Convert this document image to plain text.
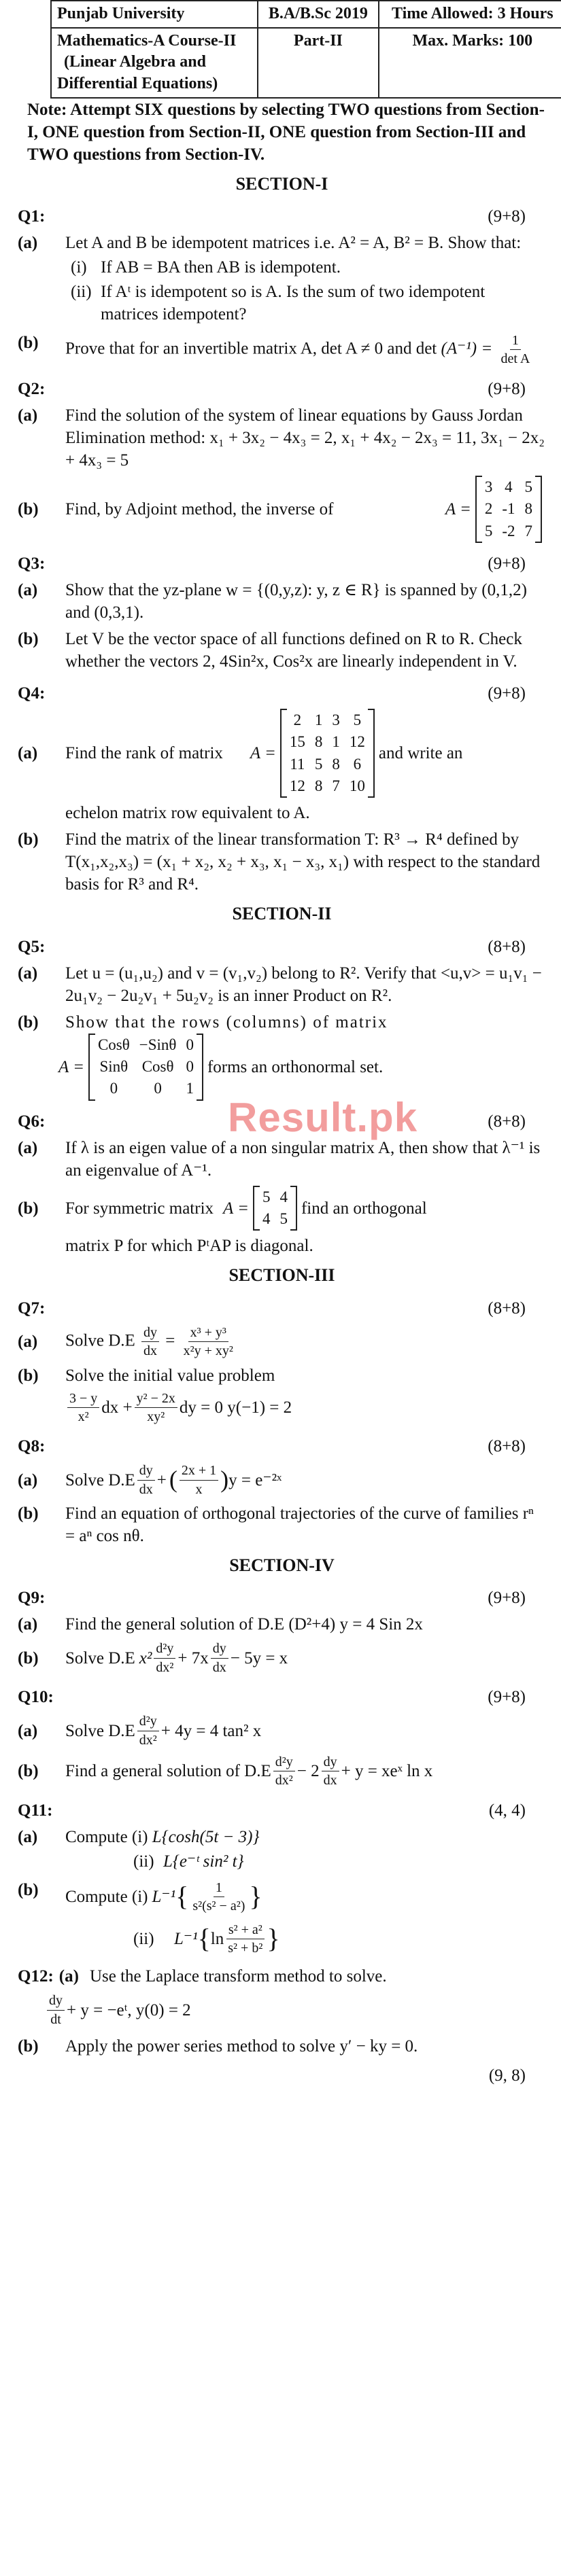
Punjab University	B.A/B.Sc 2019	Time Allowed: 3 Hours

Mathematics-A Course-II
(Linear Algebra and
Differential Equations)	Part-II	Max. Marks: 100

Note: Attempt SIX questions by selecting TWO questions from Section-I, ONE question from Section-II, ONE question from Section-III and TWO questions from Section-IV.

SECTION-I
Q1:	(9+8)
(a)	Let A and B be idempotent matrices i.e. A² = A, B² = B. Show that:
(i) If AB = BA then AB is idempotent.
(ii) If Aᵗ is idempotent so is A. Is the sum of two idempotent matrices idempotent?
(b)	Prove that for an invertible matrix A, det A ≠ 0 and $\det (A^{-1}) = \frac{1}{\text{det A}}$
Q2:	(9+8)
(a)	Find the solution of the system of linear equations by Gauss Jordan Elimination method: x₁ + 3x₂ − 4x₃ = 2, x₁ + 4x₂ − 2x₃ = 11, 3x₁ − 2x₂ + 4x₃ = 5
(b)	Find, by Adjoint method, the inverse of	A =
3 4 5
2 -1 8
5 -2 7
Q3:	(9+8)
(a)	Show that the yz-plane w = {(0,y,z): y, z ∈ R} is spanned by (0,1,2) and (0,3,1).
(b)	Let V be the vector space of all functions defined on R to R. Check whether the vectors 2, 4Sin²x, Cos²x are linearly independent in V.
Q4:	(9+8)
(a)	Find the rank of matrix A =
2 1 3 5
15 8 1 12
11 5 8 6
12 8 7 10
and write an
echelon matrix row equivalent to A.
(b)	Find the matrix of the linear transformation T: R³ → R⁴ defined by T(x₁,x₂,x₃) = (x₁ + x₂, x₂ + x₃, x₁ − x₃, x₁) with respect to the standard basis for R³ and R⁴.
SECTION-II
Q5:	(8+8)
(a)	Let u = (u₁,u₂) and v = (v₁,v₂) belong to R². Verify that <u,v> = u₁v₁ − 2u₁v₂ − 2u₂v₁ + 5u₂v₂ is an inner Product on R².
(b)	Show that the rows (columns) of matrix
A =
Cosθ −Sinθ 0
Sinθ Cosθ 0
0	0	1
forms an orthonormal set.
Q6:	(8+8)
(a)	If λ is an eigen value of a non singular matrix A, then show that λ⁻¹ is an eigenvalue of A⁻¹.
(b)	For symmetric matrix A =
5 4
4 5
find an orthogonal
matrix P for which PᵗAP is diagonal.
SECTION-III
Q7:	(8+8)
(a)	Solve $D.E \frac{dy}{dx} = \frac{\text{x³ + y³}}{\text{x²y + xy²}}$
(b)	Solve the initial value problem
$\frac{3 - y}{\text{x²}}$ dx + $\frac{\text{y² − 2x}}{\text{xy²}}$ dy = 0 y(−1) = 2
Q8:	(8+8)
(a)	Solve $D.E \frac{dy}{dx}$ + ( $\frac{2x + 1}{x}$ ) y = e⁻²ˣ
(b)	Find an equation of orthogonal trajectories of the curve of families rⁿ = aⁿ cos nθ.
SECTION-IV
Q9:	(9+8)
(a)	Find the general solution of D.E (D²+4) y = 4 Sin 2x
(b)	Solve D.E $x^2 \frac{\text{d²y}}{\text{dx²}} + 7x \frac{dy}{dx} - 5y = x$
Q10:	(9+8)
(a)	Solve $D.E \frac{\text{d²y}}{\text{dx²}} + 4y = 4$ tan² x
(b)	Find a general solution of $D.E \frac{\text{d²y}}{\text{dx²}} - 2 \frac{dy}{dx} + y$ = xeˣ ln x
Q11:	(4, 4)
(a)	Compute (i) L{cosh(5t − 3)}
(ii) L{e⁻ᵗ sin² t}
(b)	Compute (i) L⁻¹ { $\frac{1}{\text{s²(s² − a²)}}$ }
(ii)	L⁻¹ { $\ln \frac{\text{s² + a²}}{\text{s² + b²}}$ }
Q12: (a) Use the Laplace transform method to solve.
$\frac{dy}{dt} + y$ = −eᵗ, y(0) = 2
(b)	Apply the power series method to solve y′ − ky = 0.
(9, 8)
Result.pk
